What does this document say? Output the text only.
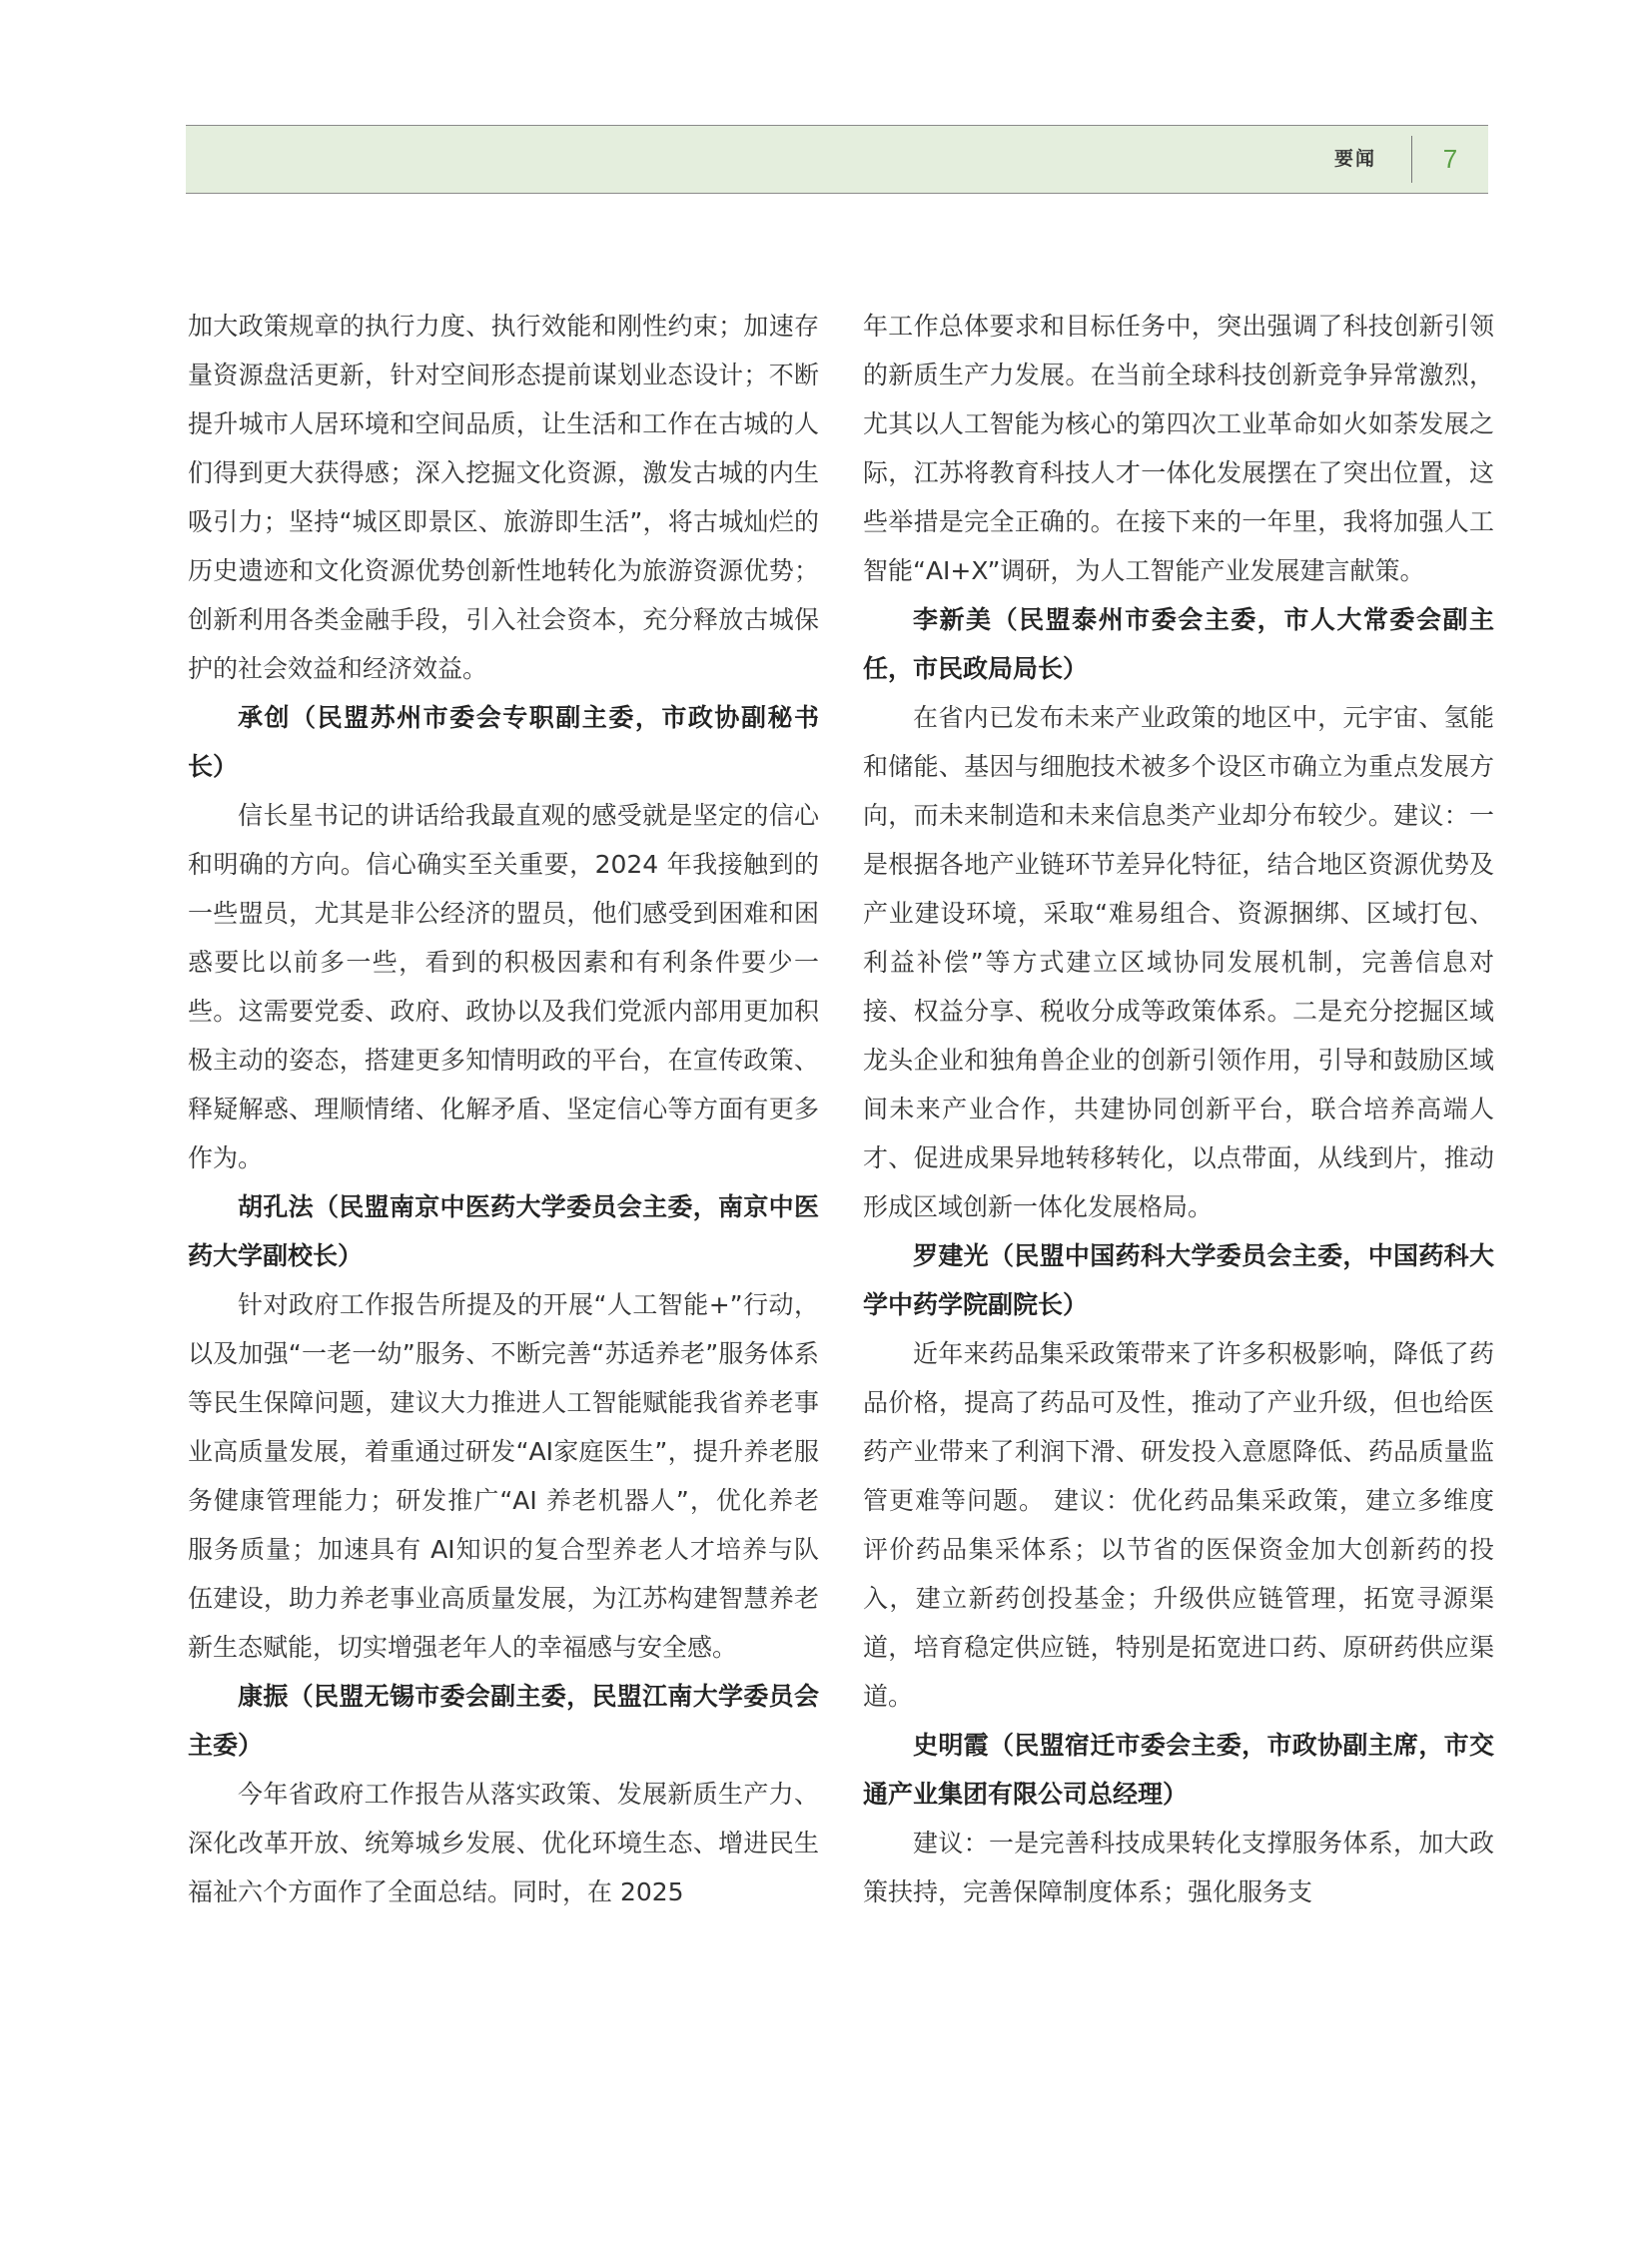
要闻	7

加大政策规章的执行力度、执行效能和刚性约束；加速存量资源盘活更新，针对空间形态提前谋划业态设计；不断提升城市人居环境和空间品质，让生活和工作在古城的人们得到更大获得感；深入挖掘文化资源，激发古城的内生吸引力；坚持“城区即景区、旅游即生活”，将古城灿烂的历史遗迹和文化资源优势创新性地转化为旅游资源优势；创新利用各类金融手段，引入社会资本，充分释放古城保护的社会效益和经济效益。

承创（民盟苏州市委会专职副主委，市政协副秘书长）

信长星书记的讲话给我最直观的感受就是坚定的信心和明确的方向。信心确实至关重要，2024 年我接触到的一些盟员，尤其是非公经济的盟员，他们感受到困难和困惑要比以前多一些，看到的积极因素和有利条件要少一些。这需要党委、政府、政协以及我们党派内部用更加积极主动的姿态，搭建更多知情明政的平台，在宣传政策、释疑解惑、理顺情绪、化解矛盾、坚定信心等方面有更多作为。

胡孔法（民盟南京中医药大学委员会主委，南京中医药大学副校长）

针对政府工作报告所提及的开展“人工智能+”行动，以及加强“一老一幼”服务、不断完善“苏适养老”服务体系等民生保障问题，建议大力推进人工智能赋能我省养老事业高质量发展，着重通过研发“AI家庭医生”，提升养老服务健康管理能力；研发推广“AI 养老机器人”，优化养老服务质量；加速具有 AI知识的复合型养老人才培养与队伍建设，助力养老事业高质量发展，为江苏构建智慧养老新生态赋能，切实增强老年人的幸福感与安全感。

康振（民盟无锡市委会副主委，民盟江南大学委员会主委）

今年省政府工作报告从落实政策、发展新质生产力、深化改革开放、统筹城乡发展、优化环境生态、增进民生福祉六个方面作了全面总结。同时，在 2025

年工作总体要求和目标任务中，突出强调了科技创新引领的新质生产力发展。在当前全球科技创新竞争异常激烈，尤其以人工智能为核心的第四次工业革命如火如荼发展之际，江苏将教育科技人才一体化发展摆在了突出位置，这些举措是完全正确的。在接下来的一年里，我将加强人工智能“AI+X”调研，为人工智能产业发展建言献策。

李新美（民盟泰州市委会主委，市人大常委会副主任，市民政局局长）

在省内已发布未来产业政策的地区中，元宇宙、氢能和储能、基因与细胞技术被多个设区市确立为重点发展方向，而未来制造和未来信息类产业却分布较少。建议：一是根据各地产业链环节差异化特征，结合地区资源优势及产业建设环境，采取“难易组合、资源捆绑、区域打包、利益补偿”等方式建立区域协同发展机制，完善信息对接、权益分享、税收分成等政策体系。二是充分挖掘区域龙头企业和独角兽企业的创新引领作用，引导和鼓励区域间未来产业合作，共建协同创新平台，联合培养高端人才、促进成果异地转移转化，以点带面，从线到片，推动形成区域创新一体化发展格局。

罗建光（民盟中国药科大学委员会主委，中国药科大学中药学院副院长）

近年来药品集采政策带来了许多积极影响，降低了药品价格，提高了药品可及性，推动了产业升级，但也给医药产业带来了利润下滑、研发投入意愿降低、药品质量监管更难等问题。 建议：优化药品集采政策，建立多维度评价药品集采体系；以节省的医保资金加大创新药的投入，建立新药创投基金；升级供应链管理，拓宽寻源渠道，培育稳定供应链，特别是拓宽进口药、原研药供应渠道。

史明霞（民盟宿迁市委会主委，市政协副主席，市交通产业集团有限公司总经理）

建议：一是完善科技成果转化支撑服务体系，加大政策扶持，完善保障制度体系；强化服务支
